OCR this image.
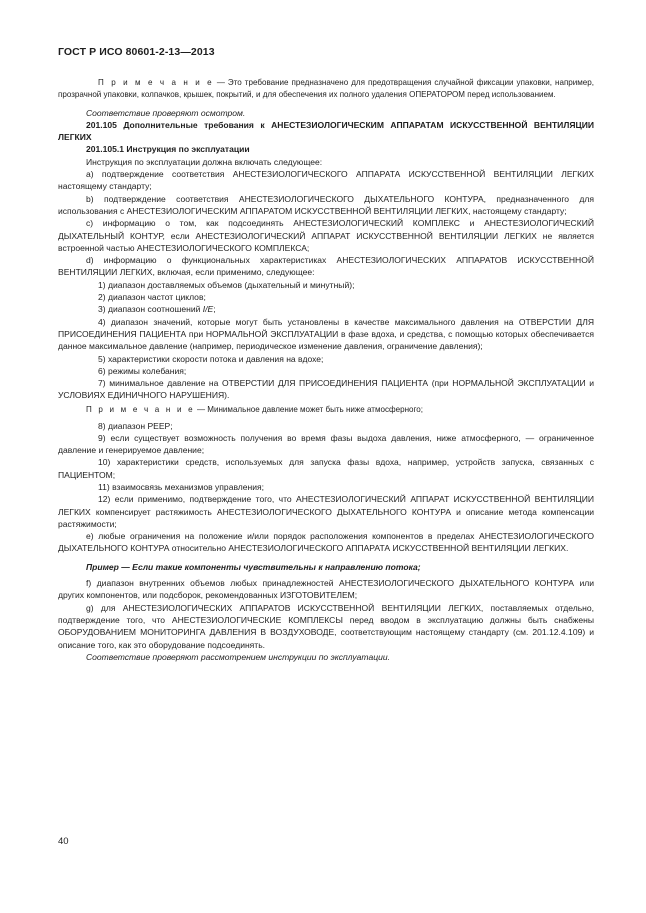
ГОСТ Р ИСО 80601-2-13—2013

П р и м е ч а н и е — Это требование предназначено для предотвращения случайной фиксации упаковки, например, прозрачной упаковки, колпачков, крышек, покрытий, и для обеспечения их полного удаления ОПЕРАТОРОМ перед использованием.

Соответствие проверяют осмотром.

201.105 Дополнительные требования к АНЕСТЕЗИОЛОГИЧЕСКИМ АППАРАТАМ ИСКУССТВЕННОЙ ВЕНТИЛЯЦИИ ЛЕГКИХ

201.105.1 Инструкция по эксплуатации

Инструкция по эксплуатации должна включать следующее:

a) подтверждение соответствия АНЕСТЕЗИОЛОГИЧЕСКОГО АППАРАТА ИСКУССТВЕННОЙ ВЕНТИЛЯЦИИ ЛЕГКИХ настоящему стандарту;

b) подтверждение соответствия АНЕСТЕЗИОЛОГИЧЕСКОГО ДЫХАТЕЛЬНОГО КОНТУРА, предназначенного для использования с АНЕСТЕЗИОЛОГИЧЕСКИМ АППАРАТОМ ИСКУССТВЕННОЙ ВЕНТИЛЯЦИИ ЛЕГКИХ, настоящему стандарту;

c) информацию о том, как подсоединять АНЕСТЕЗИОЛОГИЧЕСКИЙ КОМПЛЕКС и АНЕСТЕЗИОЛОГИЧЕСКИЙ ДЫХАТЕЛЬНЫЙ КОНТУР, если АНЕСТЕЗИОЛОГИЧЕСКИЙ АППАРАТ ИСКУССТВЕННОЙ ВЕНТИЛЯЦИИ ЛЕГКИХ не является встроенной частью АНЕСТЕЗИОЛОГИЧЕСКОГО КОМПЛЕКСА;

d) информацию о функциональных характеристиках АНЕСТЕЗИОЛОГИЧЕСКИХ АППАРАТОВ ИСКУССТВЕННОЙ ВЕНТИЛЯЦИИ ЛЕГКИХ, включая, если применимо, следующее:

1) диапазон доставляемых объемов (дыхательный и минутный);

2) диапазон частот циклов;

3) диапазон соотношений I/E;

4) диапазон значений, которые могут быть установлены в качестве максимального давления на ОТВЕРСТИИ ДЛЯ ПРИСОЕДИНЕНИЯ ПАЦИЕНТА при НОРМАЛЬНОЙ ЭКСПЛУАТАЦИИ в фазе вдоха, и средства, с помощью которых обеспечивается данное максимальное давление (например, периодическое изменение давления, ограничение давления);

5) характеристики скорости потока и давления на вдохе;

6) режимы колебания;

7) минимальное давление на ОТВЕРСТИИ ДЛЯ ПРИСОЕДИНЕНИЯ ПАЦИЕНТА (при НОРМАЛЬНОЙ ЭКСПЛУАТАЦИИ и УСЛОВИЯХ ЕДИНИЧНОГО НАРУШЕНИЯ).

П р и м е ч а н и е — Минимальное давление может быть ниже атмосферного;

8) диапазон PEEP;

9) если существует возможность получения во время фазы выдоха давления, ниже атмосферного, — ограниченное давление и генерируемое давление;

10) характеристики средств, используемых для запуска фазы вдоха, например, устройств запуска, связанных с ПАЦИЕНТОМ;

11) взаимосвязь механизмов управления;

12) если применимо, подтверждение того, что АНЕСТЕЗИОЛОГИЧЕСКИЙ АППАРАТ ИСКУССТВЕННОЙ ВЕНТИЛЯЦИИ ЛЕГКИХ компенсирует растяжимость АНЕСТЕЗИОЛОГИЧЕСКОГО ДЫХАТЕЛЬНОГО КОНТУРА и описание метода компенсации растяжимости;

e) любые ограничения на положение и/или порядок расположения компонентов в пределах АНЕСТЕЗИОЛОГИЧЕСКОГО ДЫХАТЕЛЬНОГО КОНТУРА относительно АНЕСТЕЗИОЛОГИЧЕСКОГО АППАРАТА ИСКУССТВЕННОЙ ВЕНТИЛЯЦИИ ЛЕГКИХ.

Пример — Если такие компоненты чувствительны к направлению потока;

f) диапазон внутренних объемов любых принадлежностей АНЕСТЕЗИОЛОГИЧЕСКОГО ДЫХАТЕЛЬНОГО КОНТУРА или других компонентов, или подсборок, рекомендованных ИЗГОТОВИТЕЛЕМ;

g) для АНЕСТЕЗИОЛОГИЧЕСКИХ АППАРАТОВ ИСКУССТВЕННОЙ ВЕНТИЛЯЦИИ ЛЕГКИХ, поставляемых отдельно, подтверждение того, что АНЕСТЕЗИОЛОГИЧЕСКИЕ КОМПЛЕКСЫ перед вводом в эксплуатацию должны быть снабжены ОБОРУДОВАНИЕМ МОНИТОРИНГА ДАВЛЕНИЯ В ВОЗДУХОВОДЕ, соответствующим настоящему стандарту (см. 201.12.4.109) и описание того, как это оборудование подсоединять.

Соответствие проверяют рассмотрением инструкции по эксплуатации.

40
